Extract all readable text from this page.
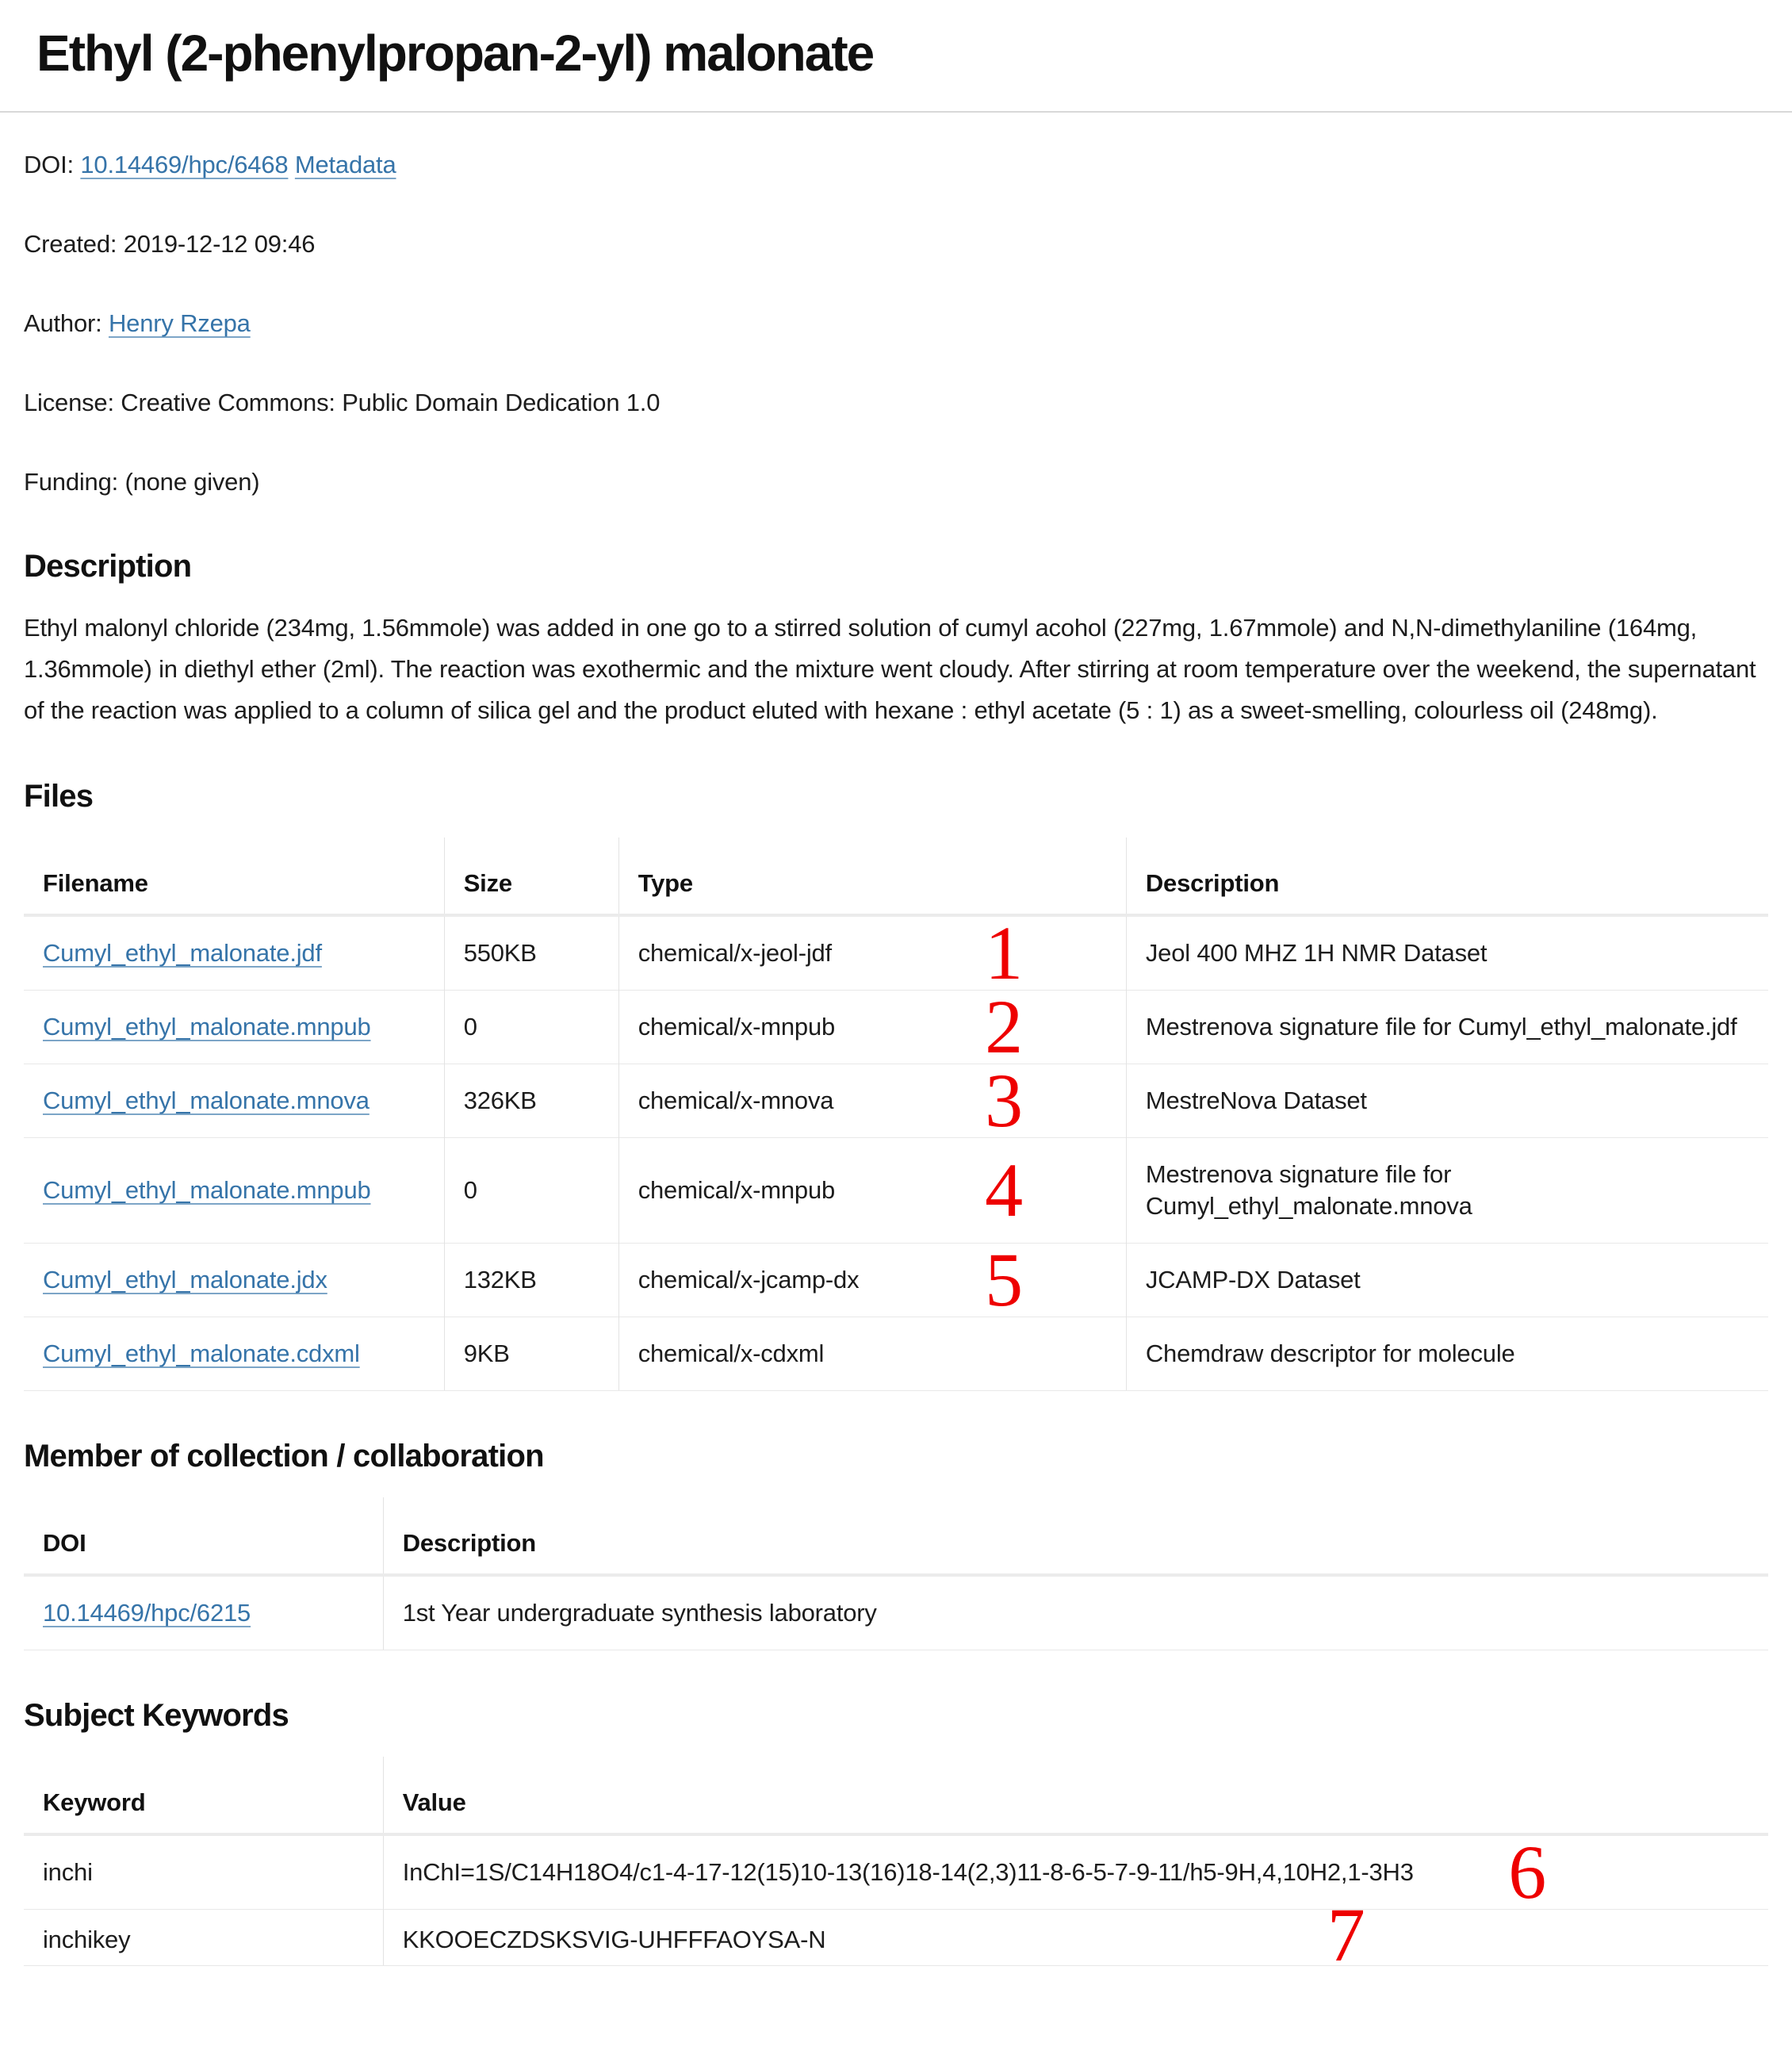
Ethyl (2-phenylpropan-2-yl) malonate

DOI: 10.14469/hpc/6468 Metadata

Created: 2019-12-12 09:46

Author: Henry Rzepa

License: Creative Commons: Public Domain Dedication 1.0

Funding: (none given)

Description

Ethyl malonyl chloride (234mg, 1.56mmole) was added in one go to a stirred solution of cumyl acohol (227mg, 1.67mmole) and N,N-dimethylaniline (164mg, 1.36mmole) in diethyl ether (2ml). The reaction was exothermic and the mixture went cloudy. After stirring at room temperature over the weekend, the supernatant of the reaction was applied to a column of silica gel and the product eluted with hexane : ethyl acetate (5 : 1) as a sweet-smelling, colourless oil (248mg).

Files
Filename	Size	Type	Description
Cumyl_ethyl_malonate.jdf	550KB	chemical/x-jeol-jdf 1	Jeol 400 MHZ 1H NMR Dataset
Cumyl_ethyl_malonate.mnpub	0	chemical/x-mnpub 2	Mestrenova signature file for Cumyl_ethyl_malonate.jdf
Cumyl_ethyl_malonate.mnova	326KB	chemical/x-mnova 3	MestreNova Dataset
Cumyl_ethyl_malonate.mnpub	0	chemical/x-mnpub 4	Mestrenova signature file for Cumyl_ethyl_malonate.mnova
Cumyl_ethyl_malonate.jdx	132KB	chemical/x-jcamp-dx 5	JCAMP-DX Dataset
Cumyl_ethyl_malonate.cdxml	9KB	chemical/x-cdxml	Chemdraw descriptor for molecule
Member of collection / collaboration
DOI	Description
10.14469/hpc/6215	1st Year undergraduate synthesis laboratory
Subject Keywords
Keyword	Value
inchi	InChI=1S/C14H18O4/c1-4-17-12(15)10-13(16)18-14(2,3)11-8-6-5-7-9-11/h5-9H,4,10H2,1-3H3 6

inchikey	KKOOECZDSKSVIG-UHFFFAOYSA-N 7
